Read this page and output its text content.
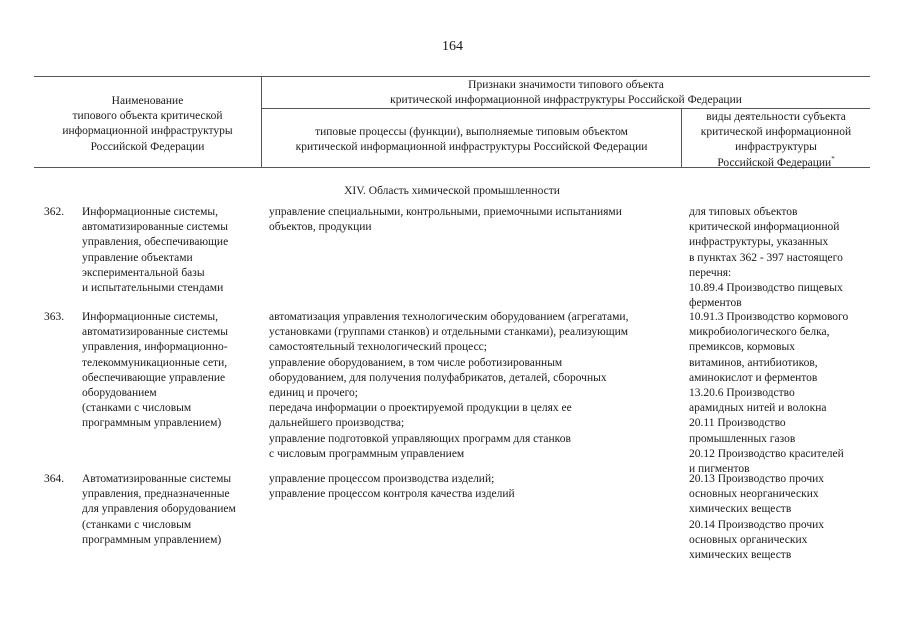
164
Наименование
типового объекта критической
информационной инфраструктуры
Российской Федерации
Признаки значимости типового объекта
критической информационной инфраструктуры Российской Федерации
типовые процессы (функции), выполняемые типовым объектом
критической информационной инфраструктуры Российской Федерации
виды деятельности субъекта
критической информационной
инфраструктуры
Российской Федерации*
XIV. Область химической промышленности
362. Информационные системы,
автоматизированные системы
управления, обеспечивающие
управление объектами
экспериментальной базы
и испытательными стендами
управление специальными, контрольными, приемочными испытаниями
объектов, продукции
для типовых объектов
критической информационной
инфраструктуры, указанных
в пунктах 362 - 397 настоящего
перечня:
10.89.4 Производство пищевых
ферментов
363. Информационные системы,
автоматизированные системы
управления, информационно-
телекоммуникационные сети,
обеспечивающие управление
оборудованием
(станками с числовым
программным управлением)
автоматизация управления технологическим оборудованием (агрегатами,
установками (группами станков) и отдельными станками), реализующим
самостоятельный технологический процесс;
управление оборудованием, в том числе роботизированным
оборудованием, для получения полуфабрикатов, деталей, сборочных
единиц и прочего;
передача информации о проектируемой продукции в целях ее
дальнейшего производства;
управление подготовкой управляющих программ для станков
с числовым программным управлением
10.91.3 Производство кормового
микробиологического белка,
премиксов, кормовых
витаминов, антибиотиков,
аминокислот и ферментов
13.20.6 Производство
арамидных нитей и волокна
20.11 Производство
промышленных газов
20.12 Производство красителей
и пигментов
364. Автоматизированные системы
управления, предназначенные
для управления оборудованием
(станками с числовым
программным управлением)
управление процессом производства изделий;
управление процессом контроля качества изделий
20.13 Производство прочих
основных неорганических
химических веществ
20.14 Производство прочих
основных органических
химических веществ
